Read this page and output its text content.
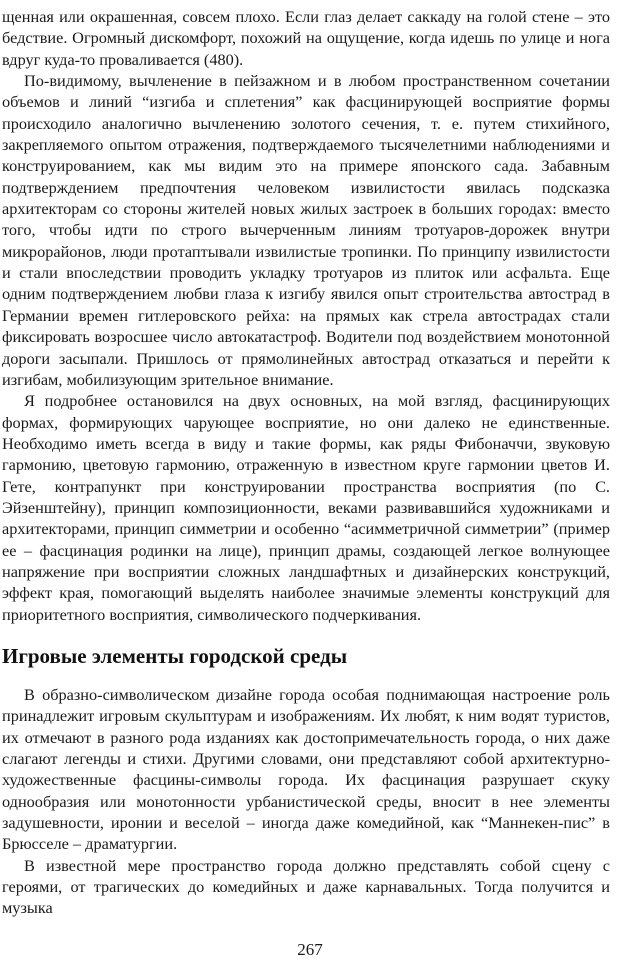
щенная или окрашенная, совсем плохо. Если глаз делает саккаду на голой стене – это бедствие. Огромный дискомфорт, похожий на ощущение, когда идешь по улице и нога вдруг куда-то проваливается (480).

По-видимому, вычленение в пейзажном и в любом пространственном сочетании объемов и линий “изгиба и сплетения” как фасцинирующей восприятие формы происходило аналогично вычленению золотого сечения, т. е. путем стихийного, закрепляемого опытом отражения, подтверждаемого тысячелетними наблюдениями и конструированием, как мы видим это на примере японского сада. Забавным подтверждением предпочтения человеком извилистости явилась подсказка архитекторам со стороны жителей новых жилых застроек в больших городах: вместо того, чтобы идти по строго вычерченным линиям тротуаров-дорожек внутри микрорайонов, люди протаптывали извилистые тропинки. По принципу извилистости и стали впоследствии проводить укладку тротуаров из плиток или асфальта. Еще одним подтверждением любви глаза к изгибу явился опыт строительства автострад в Германии времен гитлеровского рейха: на прямых как стрела автострадах стали фиксировать возросшее число автокатастроф. Водители под воздействием монотонной дороги засыпали. Пришлось от прямолинейных автострад отказаться и перейти к изгибам, мобилизующим зрительное внимание.

Я подробнее остановился на двух основных, на мой взгляд, фасцинирующих формах, формирующих чарующее восприятие, но они далеко не единственные. Необходимо иметь всегда в виду и такие формы, как ряды Фибоначчи, звуковую гармонию, цветовую гармонию, отраженную в известном круге гармонии цветов И. Гете, контрапункт при конструировании пространства восприятия (по С. Эйзенштейну), принцип композиционности, веками развивавшийся художниками и архитекторами, принцип симметрии и особенно “асимметричной симметрии” (пример ее – фасцинация родинки на лице), принцип драмы, создающей легкое волнующее напряжение при восприятии сложных ландшафтных и дизайнерских конструкций, эффект края, помогающий выделять наиболее значимые элементы конструкций для приоритетного восприятия, символического подчеркивания.

Игровые элементы городской среды

В образно-символическом дизайне города особая поднимающая настроение роль принадлежит игровым скульптурам и изображениям. Их любят, к ним водят туристов, их отмечают в разного рода изданиях как достопримечательность города, о них даже слагают легенды и стихи. Другими словами, они представляют собой архитектурно-художественные фасцины-символы города. Их фасцинация разрушает скуку однообразия или монотонности урбанистической среды, вносит в нее элементы задушевности, иронии и веселой – иногда даже комедийной, как “Маннекен-пис” в Брюсселе – драматургии.

В известной мере пространство города должно представлять собой сцену с героями, от трагических до комедийных и даже карнавальных. Тогда получится и музыка

267
